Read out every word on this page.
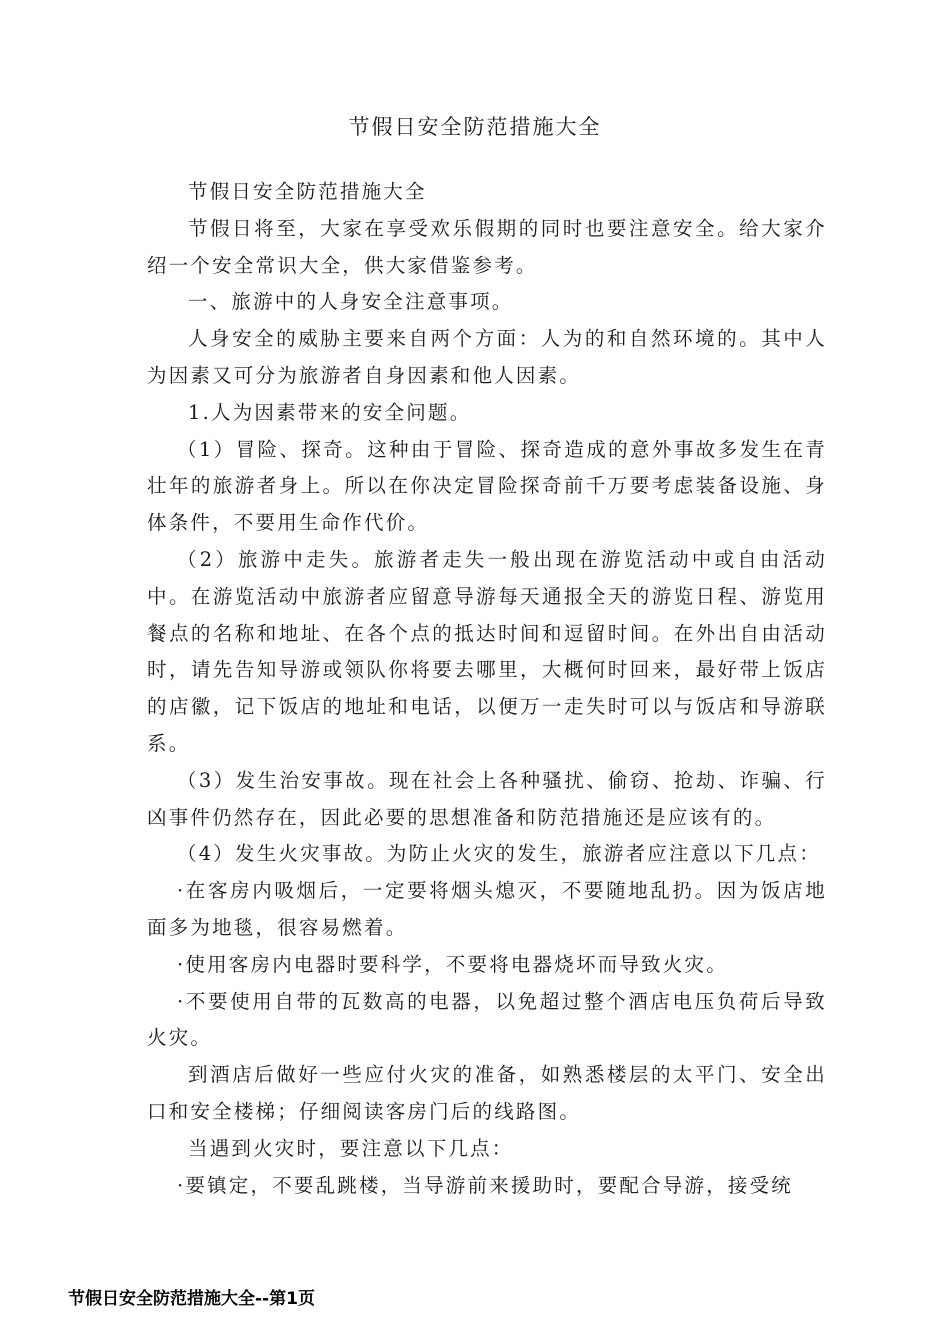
节假日安全防范措施大全

节假日安全防范措施大全

节假日将至，大家在享受欢乐假期的同时也要注意安全。给大家介绍一个安全常识大全，供大家借鉴参考。

一、旅游中的人身安全注意事项。

人身安全的威胁主要来自两个方面：人为的和自然环境的。其中人为因素又可分为旅游者自身因素和他人因素。

1.人为因素带来的安全问题。

（1）冒险、探奇。这种由于冒险、探奇造成的意外事故多发生在青壮年的旅游者身上。所以在你决定冒险探奇前千万要考虑装备设施、身体条件，不要用生命作代价。

（2）旅游中走失。旅游者走失一般出现在游览活动中或自由活动中。在游览活动中旅游者应留意导游每天通报全天的游览日程、游览用餐点的名称和地址、在各个点的抵达时间和逗留时间。在外出自由活动时，请先告知导游或领队你将要去哪里，大概何时回来，最好带上饭店的店徽，记下饭店的地址和电话，以便万一走失时可以与饭店和导游联系。

（3）发生治安事故。现在社会上各种骚扰、偷窃、抢劫、诈骗、行凶事件仍然存在，因此必要的思想准备和防范措施还是应该有的。

（4）发生火灾事故。为防止火灾的发生，旅游者应注意以下几点：

·在客房内吸烟后，一定要将烟头熄灭，不要随地乱扔。因为饭店地面多为地毯，很容易燃着。

·使用客房内电器时要科学，不要将电器烧坏而导致火灾。

·不要使用自带的瓦数高的电器，以免超过整个酒店电压负荷后导致火灾。

到酒店后做好一些应付火灾的准备，如熟悉楼层的太平门、安全出口和安全楼梯；仔细阅读客房门后的线路图。

当遇到火灾时，要注意以下几点：

·要镇定，不要乱跳楼，当导游前来援助时，要配合导游，接受统

节假日安全防范措施大全--第1页
